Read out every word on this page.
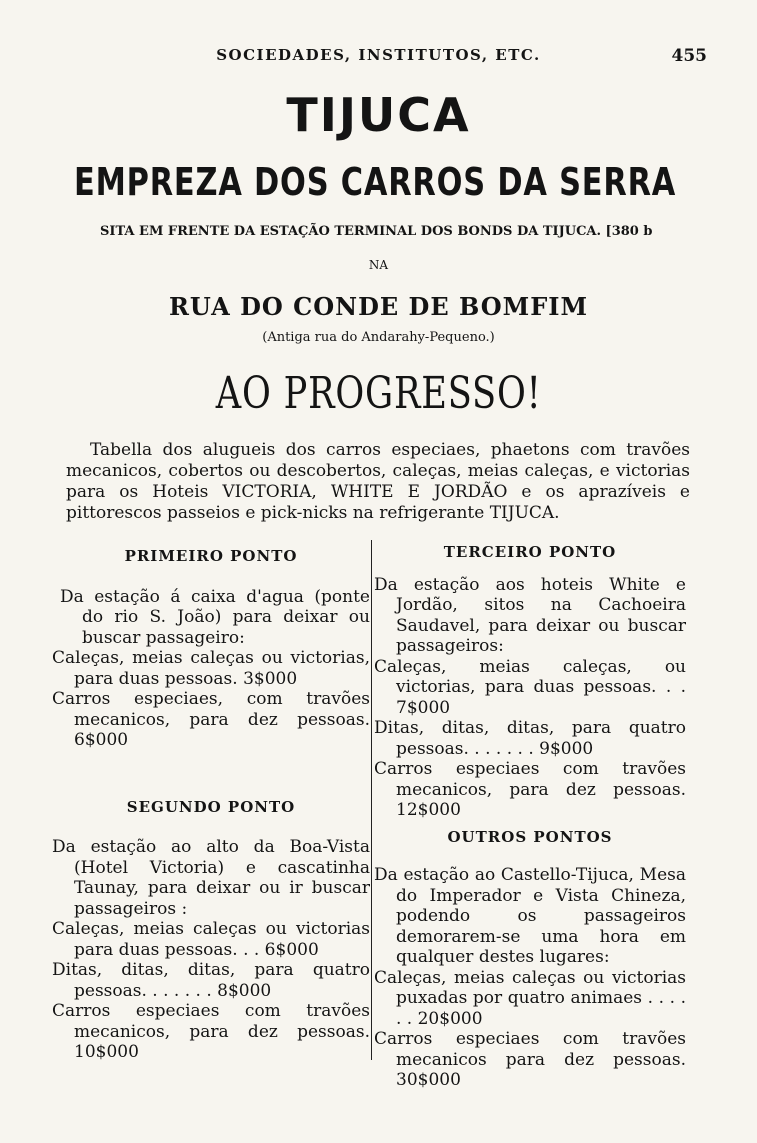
SOCIEDADES, INSTITUTOS, ETC.	455
TIJUCA
EMPREZA DOS CARROS DA SERRA
SITA EM FRENTE DA ESTAÇÃO TERMINAL DOS BONDS DA TIJUCA. [380 b
NA
RUA DO CONDE DE BOMFIM
(Antiga rua do Andarahy-Pequeno.)
AO PROGRESSO!
Tabella dos alugueis dos carros especiaes, phaetons com travões mecanicos, cobertos ou descobertos, caleças, meias caleças, e victorias para os Hoteis VICTORIA, WHITE E JORDÃO e os aprazíveis e pittorescos passeios e pick-nicks na refrigerante TIJUCA.
PRIMEIRO PONTO
Da estação á caixa d'agua (ponte do rio S. João) para deixar ou buscar passageiro:
Caleças, meias caleças ou victorias, para duas pessoas. 3$000
Carros especiaes, com travões mecanicos, para dez pessoas. 6$000
SEGUNDO PONTO
Da estação ao alto da Boa-Vista (Hotel Victoria) e cascatinha Taunay, para deixar ou ir buscar passageiros :
Caleças, meias caleças ou victorias para duas pessoas. . . 6$000
Ditas, ditas, ditas, para quatro pessoas. . . . . . . 8$000
Carros especiaes com travões mecanicos, para dez pessoas. 10$000
TERCEIRO PONTO
Da estação aos hoteis White e Jordão, sitos na Cachoeira Saudavel, para deixar ou buscar passageiros:
Caleças, meias caleças, ou victorias, para duas pessoas. . . 7$000
Ditas, ditas, ditas, para quatro pessoas. . . . . . . 9$000
Carros especiaes com travões mecanicos, para dez pessoas. 12$000
OUTROS PONTOS
Da estação ao Castello-Tijuca, Mesa do Imperador e Vista Chineza, podendo os passageiros demorarem-se uma hora em qualquer destes lugares:
Caleças, meias caleças ou victorias puxadas por quatro animaes . . . . . . 20$000
Carros especiaes com travões mecanicos para dez pessoas. 30$000
